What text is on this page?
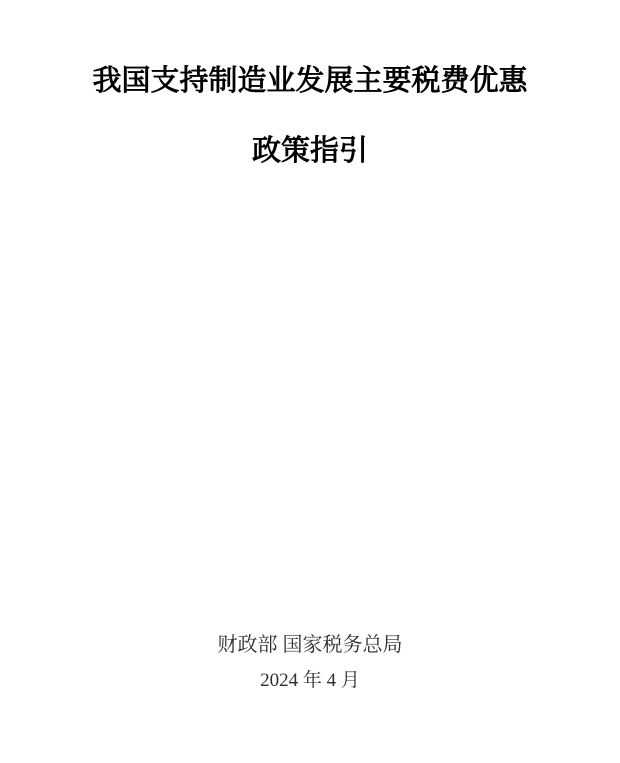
我国支持制造业发展主要税费优惠
政策指引
财政部 国家税务总局
2024 年 4 月
